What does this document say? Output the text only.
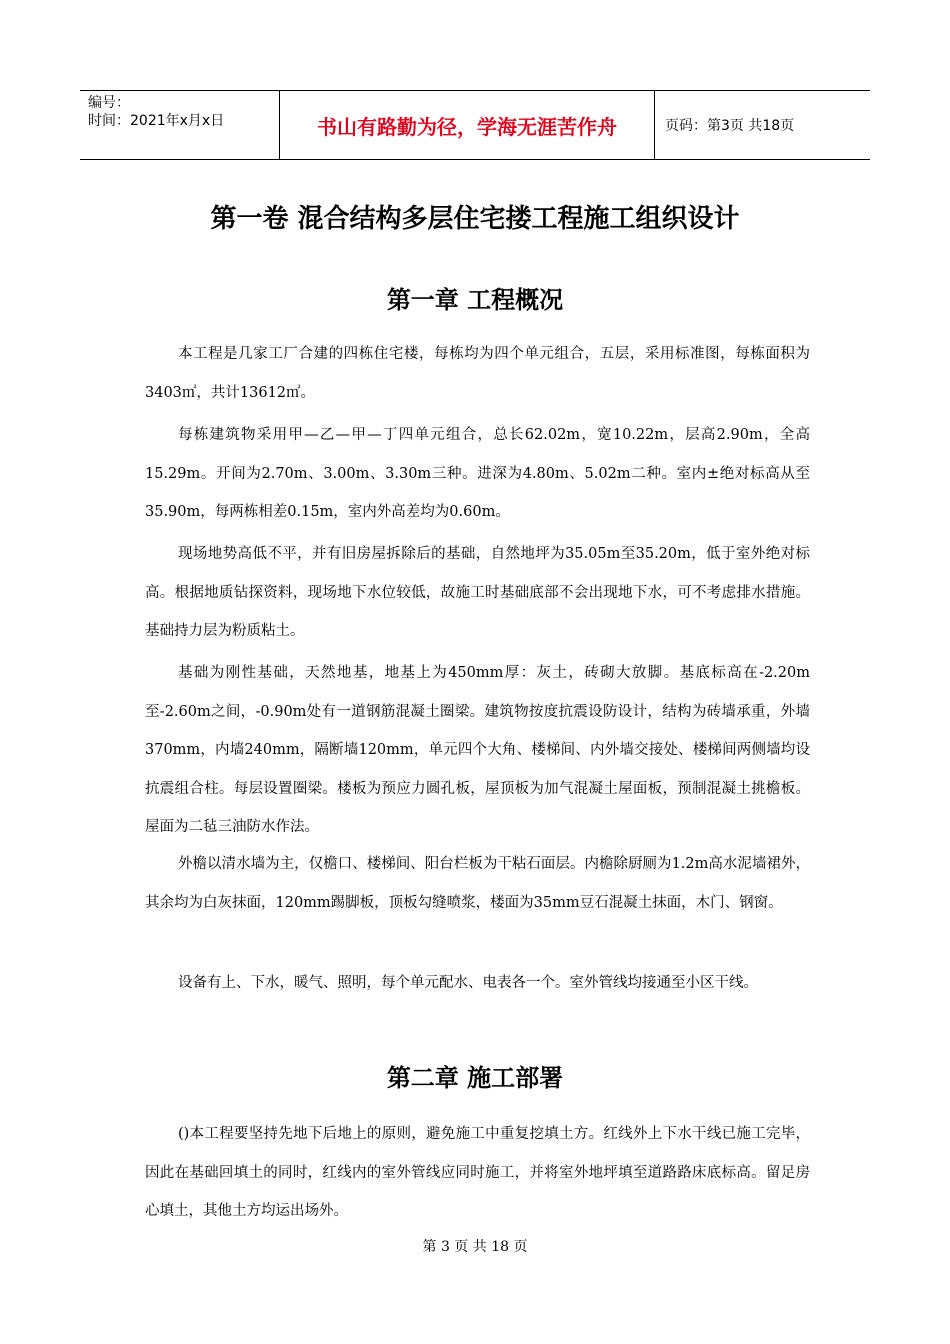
编号：
时间：2021年x月x日	书山有路勤为径，学海无涯苦作舟	页码：第3页 共18页
第一卷 混合结构多层住宅搂工程施工组织设计
第一章 工程概况

本工程是几家工厂合建的四栋住宅楼，每栋均为四个单元组合，五层，采用标准图，每栋面积为3403㎡，共计13612㎡。

每栋建筑物采用甲—乙—甲—丁四单元组合，总长62.02m，宽10.22m，层高2.90m，全高15.29m。开间为2.70m、3.00m、3.30m三种。进深为4.80m、5.02m二种。室内±绝对标高从至35.90m，每两栋相差0.15m，室内外高差均为0.60m。

现场地势高低不平，并有旧房屋拆除后的基础，自然地坪为35.05m至35.20m，低于室外绝对标高。根据地质钻探资料，现场地下水位较低，故施工时基础底部不会出现地下水，可不考虑排水措施。基础持力层为粉质粘土。

基础为刚性基础，天然地基，地基上为450mm厚：灰土，砖砌大放脚。基底标高在-2.20m至-2.60m之间，-0.90m处有一道钢筋混凝土圈梁。建筑物按度抗震设防设计，结构为砖墙承重，外墙370mm，内墙240mm，隔断墙120mm，单元四个大角、楼梯间、内外墙交接处、楼梯间两侧墙均设抗震组合柱。每层设置圈梁。楼板为预应力圆孔板，屋顶板为加气混凝土屋面板，预制混凝土挑檐板。屋面为二毡三油防水作法。

外檐以清水墙为主，仅檐口、楼梯间、阳台栏板为干粘石面层。内檐除厨厕为1.2m高水泥墙裙外，其余均为白灰抹面，120mm踢脚板，顶板勾缝喷浆，楼面为35mm豆石混凝土抹面，木门、钢窗。

设备有上、下水，暖气、照明，每个单元配水、电表各一个。室外管线均接通至小区干线。

第二章 施工部署

()本工程要坚持先地下后地上的原则，避免施工中重复挖填土方。红线外上下水干线已施工完毕，因此在基础回填土的同时，红线内的室外管线应同时施工，并将室外地坪填至道路路床底标高。留足房心填土，其他土方均运出场外。

第 3 页 共 18 页
